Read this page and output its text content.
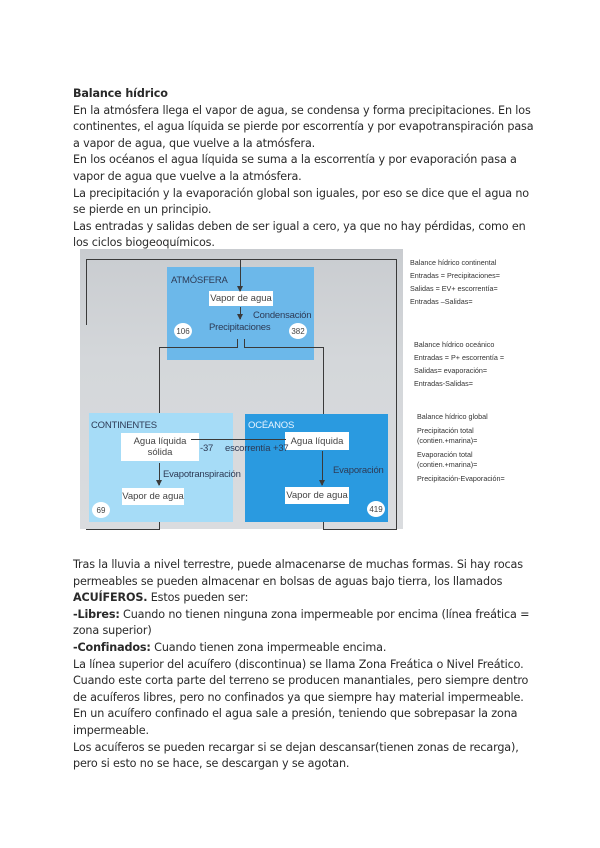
Balance hídrico

En la atmósfera llega el vapor de agua, se condensa y forma precipitaciones. En los continentes, el agua líquida se pierde por escorrentía y por evapotranspiración pasa a vapor de agua, que vuelve a la atmósfera.

En los océanos el agua líquida se suma a la escorrentía y por evaporación pasa a vapor de agua que vuelve a la atmósfera.

La precipitación y la evaporación global son iguales, por eso se dice que el agua no se pierde en un principio.

Las entradas y salidas deben de ser igual a cero, ya que no hay pérdidas, como en los ciclos biogeoquímicos.

ATMÓSFERA
Vapor de agua
Condensación
Precipitaciones
106	382
CONTINENTES
Agua líquida sólida
Evapotranspiración
Vapor de agua
69
OCÉANOS
Agua líquida
Evaporación
Vapor de agua
419
-37 escorrentía +37
Balance hídrico continental
Entradas = Precipitaciones=
Salidas = EV+ escorrentía=
Entradas –Salidas=
Balance hídrico oceánico
Entradas = P+ escorrentía =
Salidas= evaporación=
Entradas-Salidas=
Balance hídrico global
Precipitación total (contien.+marina)=
Evaporación total (contien.+marina)=
Precipitación-Evaporación=

Tras la lluvia a nivel terrestre, puede almacenarse de muchas formas. Si hay rocas permeables se pueden almacenar en bolsas de aguas bajo tierra, los llamados ACUÍFEROS. Estos pueden ser:

-Libres: Cuando no tienen ninguna zona impermeable por encima (línea freática = zona superior)

-Confinados: Cuando tienen zona impermeable encima.

La línea superior del acuífero (discontinua) se llama Zona Freática o Nivel Freático.

Cuando este corta parte del terreno se producen manantiales, pero siempre dentro de acuíferos libres, pero no confinados ya que siempre hay material impermeable.

En un acuífero confinado el agua sale a presión, teniendo que sobrepasar la zona impermeable.

Los acuíferos se pueden recargar si se dejan descansar(tienen zonas de recarga), pero si esto no se hace, se descargan y se agotan.
